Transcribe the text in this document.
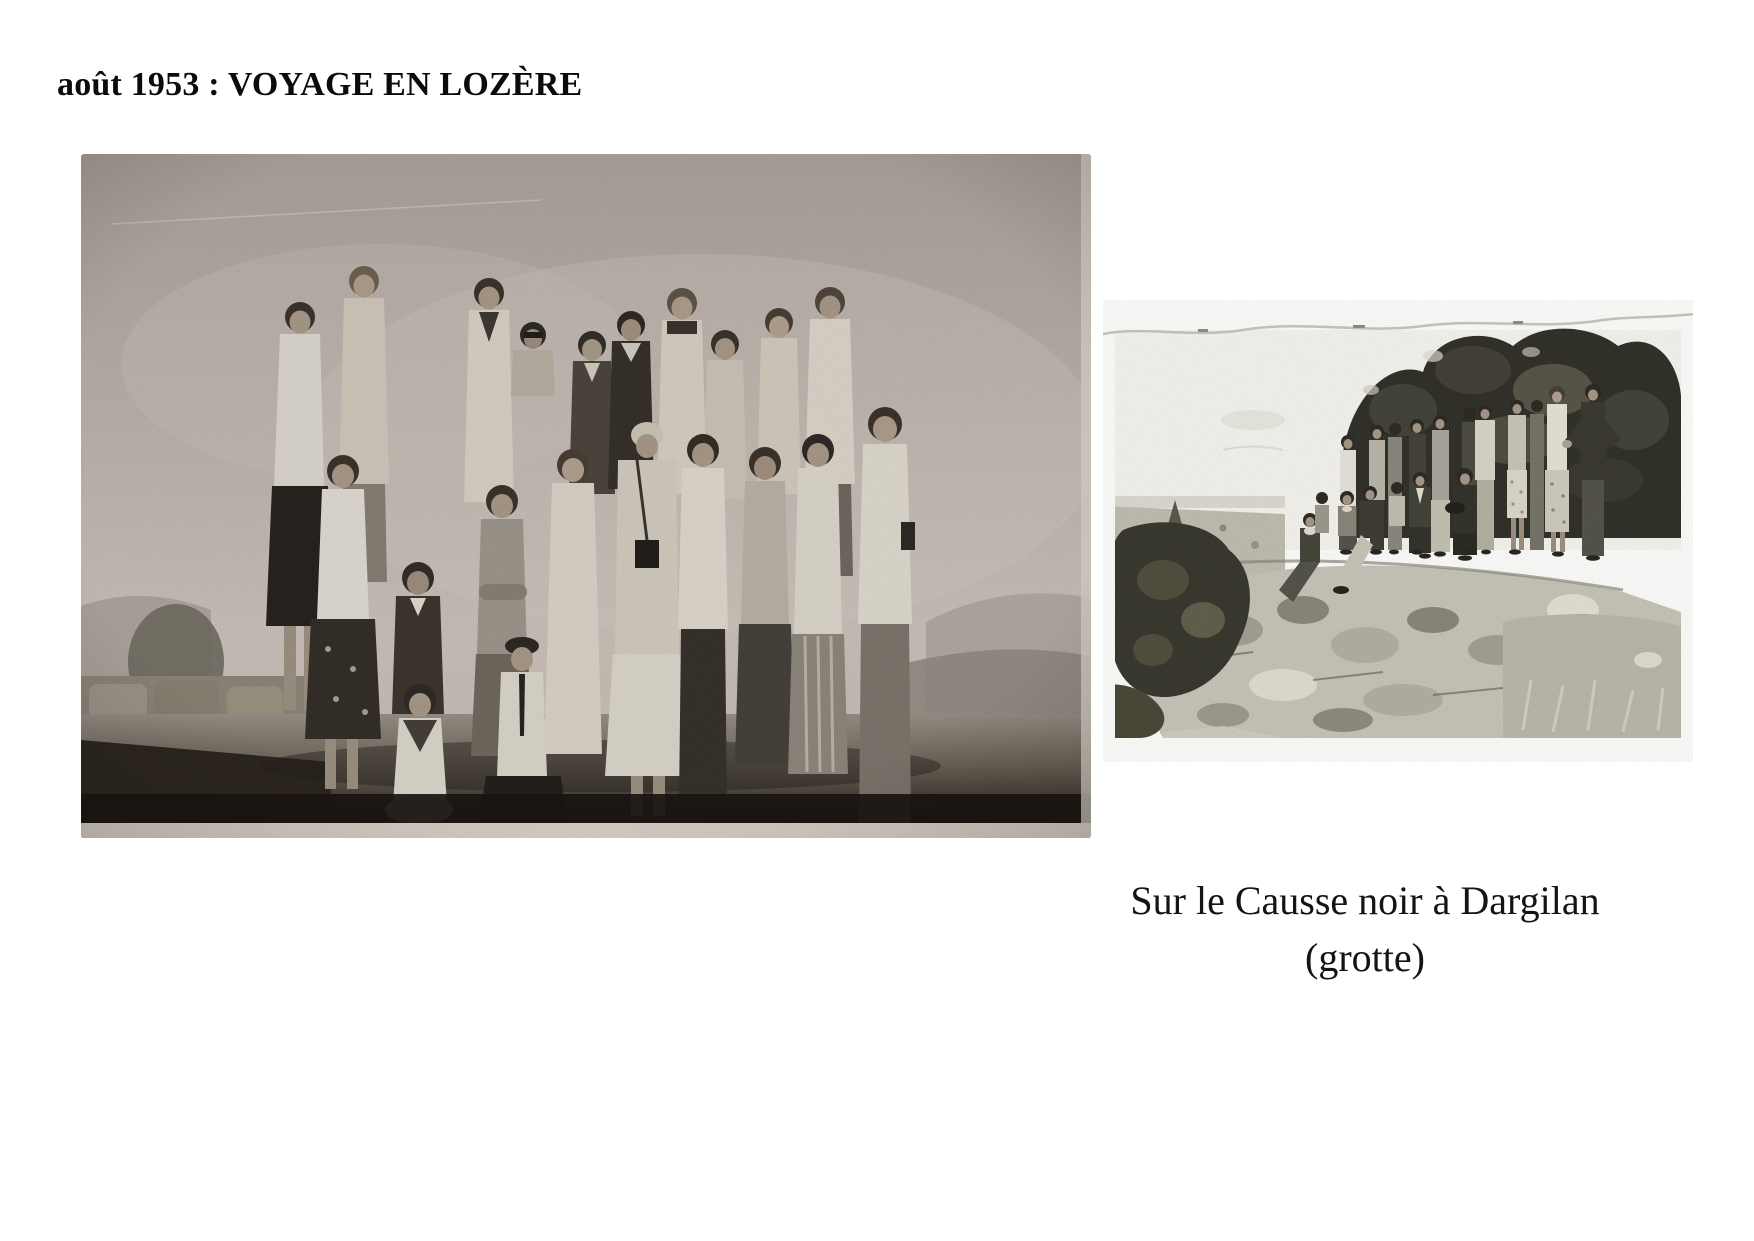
août 1953 : VOYAGE EN LOZÈRE
Sur le Causse noir à Dargilan
(grotte)
